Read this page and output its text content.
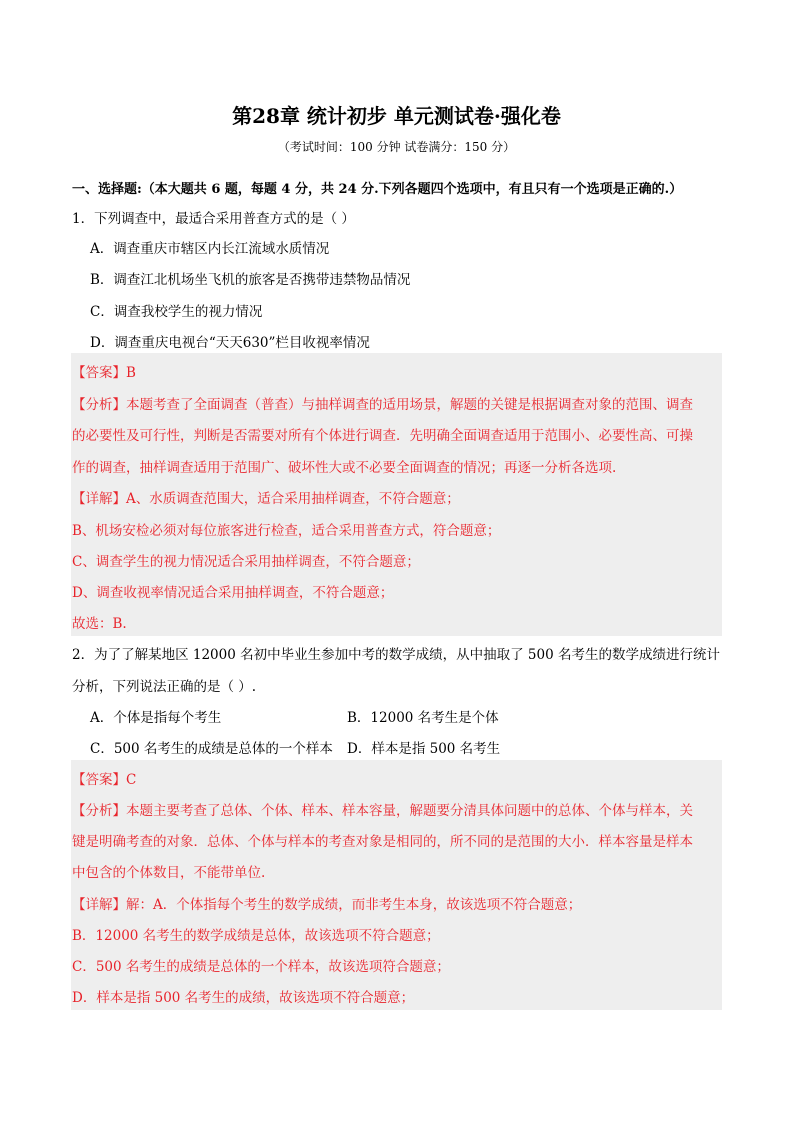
第28章 统计初步 单元测试卷·强化卷
（考试时间：100 分钟 试卷满分：150 分）
一、选择题:（本大题共 6 题，每题 4 分，共 24 分.下列各题四个选项中，有且只有一个选项是正确的.）
1．下列调查中，最适合采用普查方式的是（ ）
A．调查重庆市辖区内长江流域水质情况
B．调查江北机场坐飞机的旅客是否携带违禁物品情况
C．调查我校学生的视力情况
D．调查重庆电视台“天天630”栏目收视率情况
【答案】B
【分析】本题考查了全面调查（普查）与抽样调查的适用场景，解题的关键是根据调查对象的范围、调查
的必要性及可行性，判断是否需要对所有个体进行调查．先明确全面调查适用于范围小、必要性高、可操
作的调查，抽样调查适用于范围广、破坏性大或不必要全面调查的情况；再逐一分析各选项.
【详解】A、水质调查范围大，适合采用抽样调查，不符合题意；
B、机场安检必须对每位旅客进行检查，适合采用普查方式，符合题意；
C、调查学生的视力情况适合采用抽样调查，不符合题意；
D、调查收视率情况适合采用抽样调查，不符合题意；
故选：B.
2．为了了解某地区 12000 名初中毕业生参加中考的数学成绩，从中抽取了 500 名考生的数学成绩进行统计
分析，下列说法正确的是（ ）.
A．个体是指每个考生	B．12000 名考生是个体
C．500 名考生的成绩是总体的一个样本 D．样本是指 500 名考生
【答案】C
【分析】本题主要考查了总体、个体、样本、样本容量，解题要分清具体问题中的总体、个体与样本，关
键是明确考查的对象．总体、个体与样本的考查对象是相同的，所不同的是范围的大小．样本容量是样本
中包含的个体数目，不能带单位.
【详解】解：A．个体指每个考生的数学成绩，而非考生本身，故该选项不符合题意；
B．12000 名考生的数学成绩是总体，故该选项不符合题意；
C．500 名考生的成绩是总体的一个样本，故该选项符合题意；
D．样本是指 500 名考生的成绩，故该选项不符合题意；
